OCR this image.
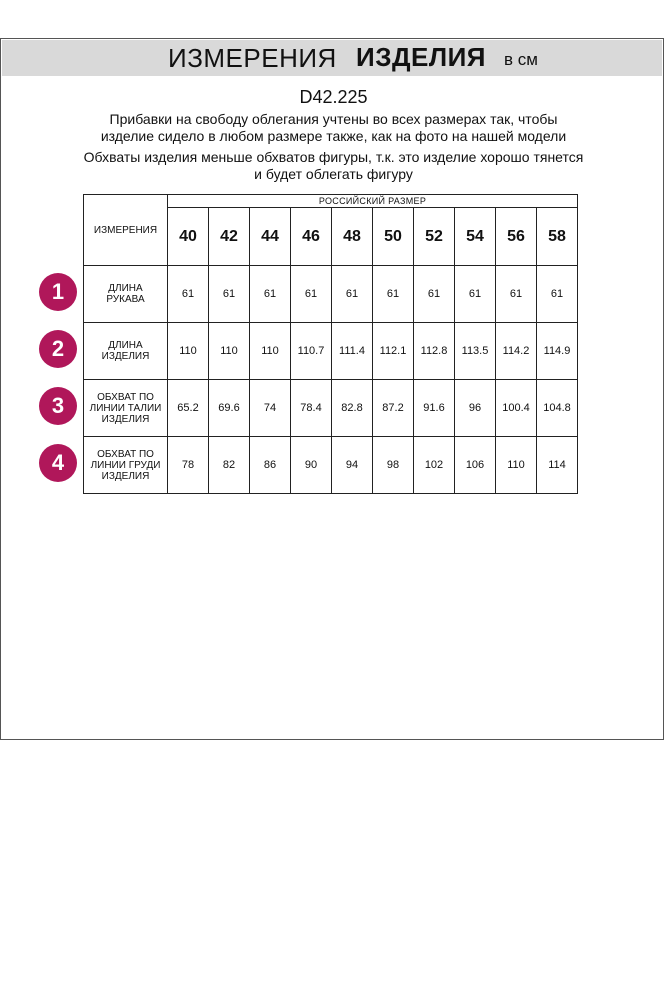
ИЗМЕРЕНИЯ ИЗДЕЛИЯ в см
D42.225
Прибавки на свободу облегания учтены во всех размерах так, чтобы
изделие сидело в любом размере также, как на фото на нашей модели
Обхваты изделия меньше обхватов фигуры, т.к. это изделие хорошо тянется
и будет облегать фигуру
ИЗМЕРЕНИЯ	РОССИЙСКИЙ РАЗМЕР									
	40	42	44	46	48	50	52	54	56	58

ДЛИНА
РУКАВА	61	61	61	61	61	61	61	61	61	61

ДЛИНА
ИЗДЕЛИЯ	110	110	110	110.7	111.4	112.1	112.8	113.5	114.2	114.9

ОБХВАТ ПО
ЛИНИИ ТАЛИИ
ИЗДЕЛИЯ	65.2	69.6	74	78.4	82.8	87.2	91.6	96	100.4	104.8

ОБХВАТ ПО
ЛИНИИ ГРУДИ
ИЗДЕЛИЯ	78	82	86	90	94	98	102	106	110	114
1
2
3
4
